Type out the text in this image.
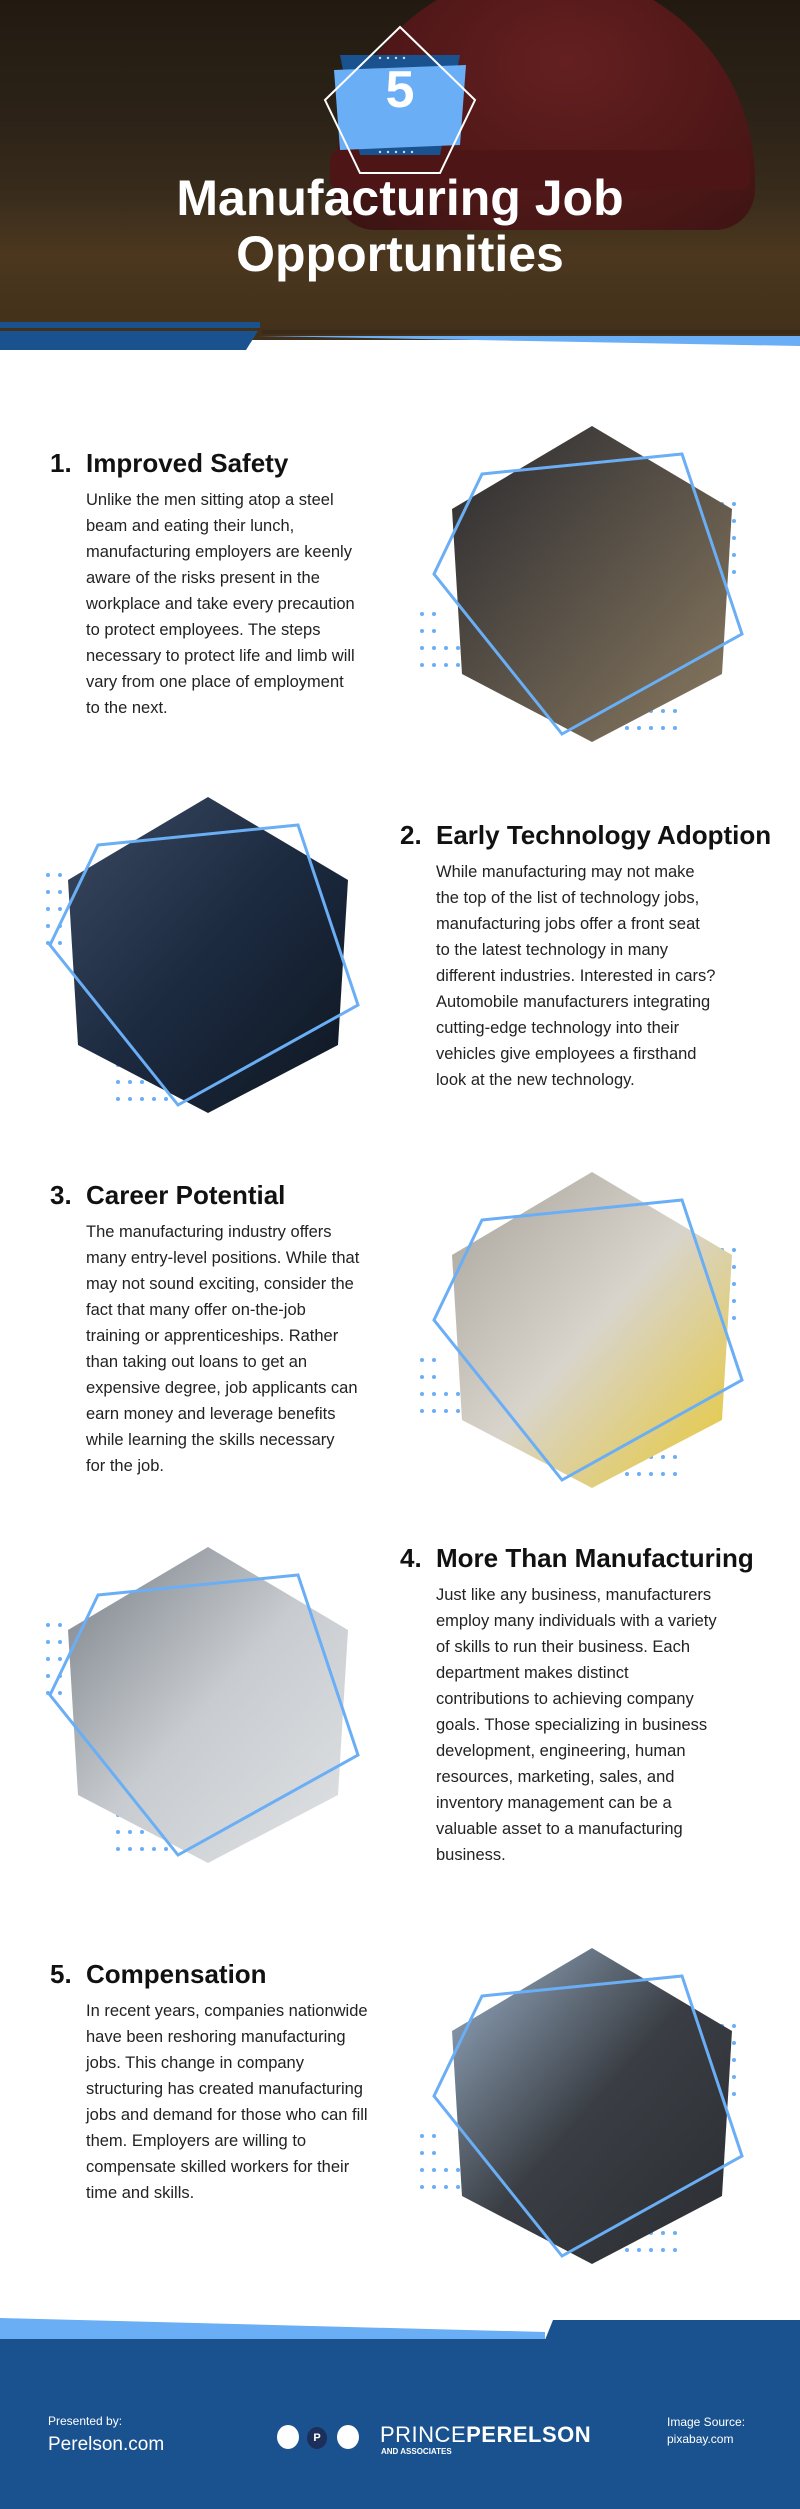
5
Manufacturing Job
Opportunities
1. Improved Safety
Unlike the men sitting atop a steel
beam and eating their lunch,
manufacturing employers are keenly
aware of the risks present in the
workplace and take every precaution
to protect employees. The steps
necessary to protect life and limb will
vary from one place of employment
to the next.
2. Early Technology Adoption
While manufacturing may not make
the top of the list of technology jobs,
manufacturing jobs offer a front seat
to the latest technology in many
different industries. Interested in cars?
Automobile manufacturers integrating
cutting-edge technology into their
vehicles give employees a firsthand
look at the new technology.
3. Career Potential
The manufacturing industry offers
many entry-level positions. While that
may not sound exciting, consider the
fact that many offer on-the-job
training or apprenticeships. Rather
than taking out loans to get an
expensive degree, job applicants can
earn money and leverage benefits
while learning the skills necessary
for the job.
4. More Than Manufacturing
Just like any business, manufacturers
employ many individuals with a variety
of skills to run their business. Each
department makes distinct
contributions to achieving company
goals. Those specializing in business
development, engineering, human
resources, marketing, sales, and
inventory management can be a
valuable asset to a manufacturing
business.
5. Compensation
In recent years, companies nationwide
have been reshoring manufacturing
jobs. This change in company
structuring has created manufacturing
jobs and demand for those who can fill
them. Employers are willing to
compensate skilled workers for their
time and skills.
Presented by:
Perelson.com	P	PRINCEPERELSON
AND ASSOCIATES
Image Source:
pixabay.com
